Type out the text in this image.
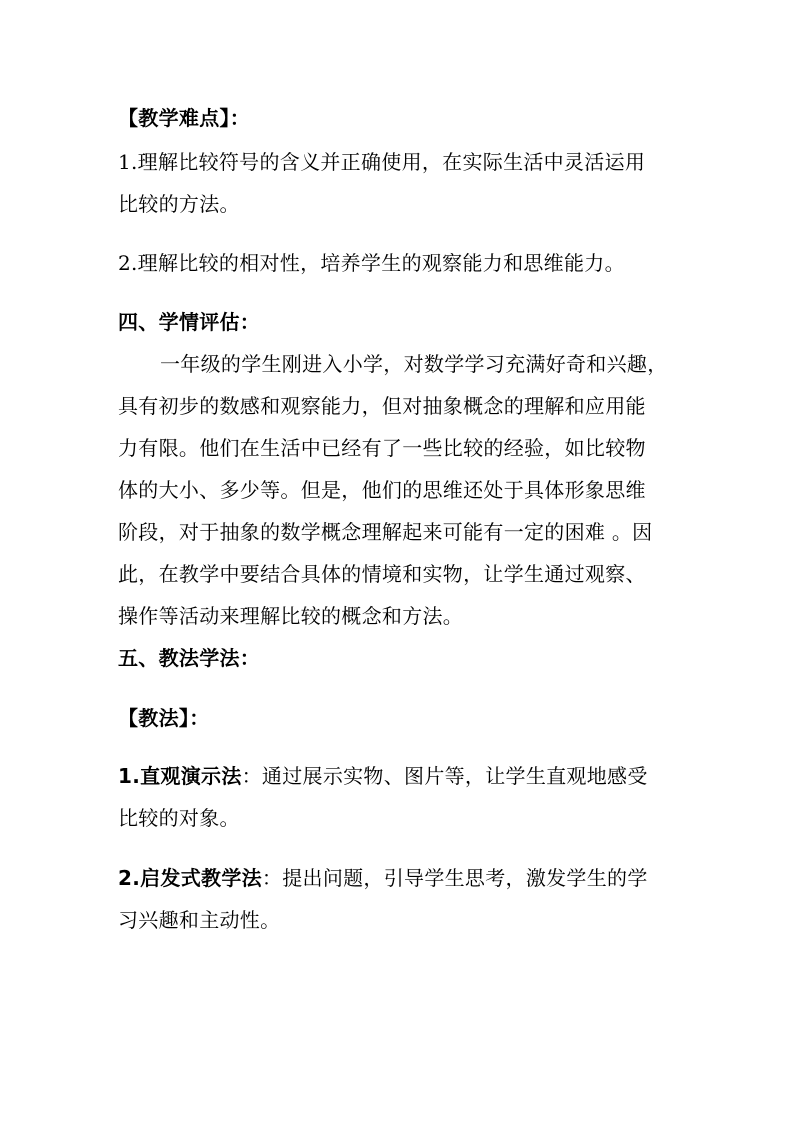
【教学难点】：
1.理解比较符号的含义并正确使用，在实际生活中灵活运用
比较的方法。
2.理解比较的相对性，培养学生的观察能力和思维能力。
四、学情评估：
一年级的学生刚进入小学，对数学学习充满好奇和兴趣，
具有初步的数感和观察能力，但对抽象概念的理解和应用能
力有限。他们在生活中已经有了一些比较的经验，如比较物
体的大小、多少等。但是，他们的思维还处于具体形象思维
阶段，对于抽象的数学概念理解起来可能有一定的困难 。因
此，在教学中要结合具体的情境和实物，让学生通过观察、
操作等活动来理解比较的概念和方法。
五、教法学法：
【教法】：
1.直观演示法：通过展示实物、图片等，让学生直观地感受
比较的对象。
2.启发式教学法：提出问题，引导学生思考，激发学生的学
习兴趣和主动性。
